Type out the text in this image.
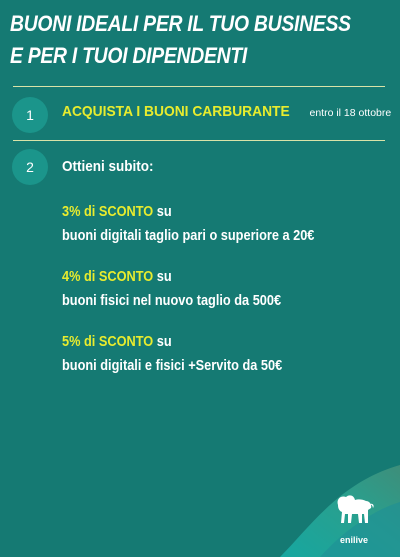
BUONI IDEALI PER IL TUO BUSINESS
E PER I TUOI DIPENDENTI
1 ACQUISTA I BUONI CARBURANTE entro il 18 ottobre
2 Ottieni subito:
3% di SCONTO su
buoni digitali taglio pari o superiore a 20€
4% di SCONTO su
buoni fisici nel nuovo taglio da 500€
5% di SCONTO su
buoni digitali e fisici +Servito da 50€
enilive
